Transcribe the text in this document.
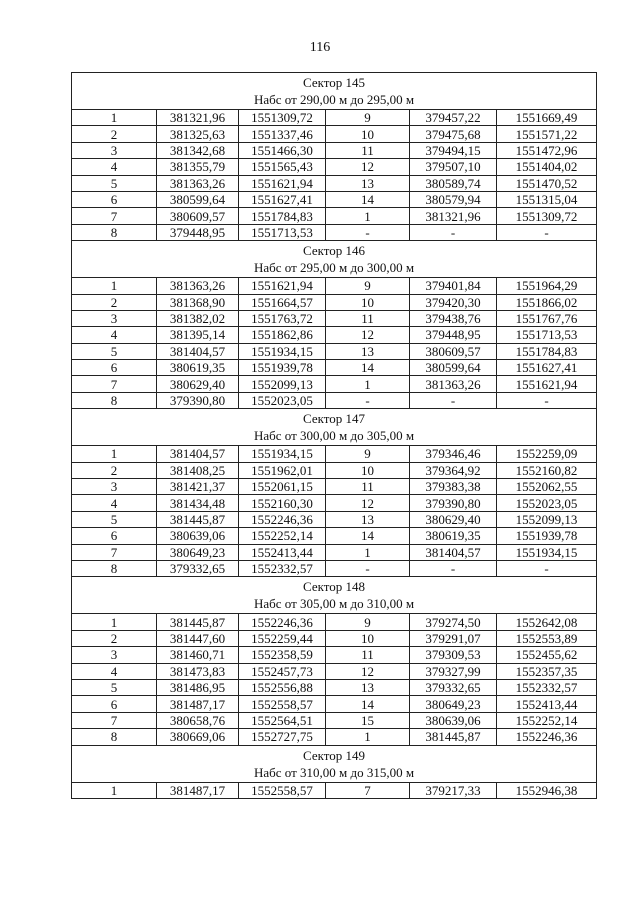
116
Сектор 145
Набс от 290,00 м до 295,00 м					

1	381321,96	1551309,72	9	379457,22	1551669,49
2	381325,63	1551337,46	10	379475,68	1551571,22
3	381342,68	1551466,30	11	379494,15	1551472,96
4	381355,79	1551565,43	12	379507,10	1551404,02
5	381363,26	1551621,94	13	380589,74	1551470,52
6	380599,64	1551627,41	14	380579,94	1551315,04
7	380609,57	1551784,83	1	381321,96	1551309,72
8	379448,95	1551713,53	-	-	-

Сектор 146
Набс от 295,00 м до 300,00 м					

1	381363,26	1551621,94	9	379401,84	1551964,29
2	381368,90	1551664,57	10	379420,30	1551866,02
3	381382,02	1551763,72	11	379438,76	1551767,76
4	381395,14	1551862,86	12	379448,95	1551713,53
5	381404,57	1551934,15	13	380609,57	1551784,83
6	380619,35	1551939,78	14	380599,64	1551627,41
7	380629,40	1552099,13	1	381363,26	1551621,94
8	379390,80	1552023,05	-	-	-

Сектор 147
Набс от 300,00 м до 305,00 м					

1	381404,57	1551934,15	9	379346,46	1552259,09
2	381408,25	1551962,01	10	379364,92	1552160,82
3	381421,37	1552061,15	11	379383,38	1552062,55
4	381434,48	1552160,30	12	379390,80	1552023,05
5	381445,87	1552246,36	13	380629,40	1552099,13
6	380639,06	1552252,14	14	380619,35	1551939,78
7	380649,23	1552413,44	1	381404,57	1551934,15
8	379332,65	1552332,57	-	-	-

Сектор 148
Набс от 305,00 м до 310,00 м					

1	381445,87	1552246,36	9	379274,50	1552642,08
2	381447,60	1552259,44	10	379291,07	1552553,89
3	381460,71	1552358,59	11	379309,53	1552455,62
4	381473,83	1552457,73	12	379327,99	1552357,35
5	381486,95	1552556,88	13	379332,65	1552332,57
6	381487,17	1552558,57	14	380649,23	1552413,44
7	380658,76	1552564,51	15	380639,06	1552252,14
8	380669,06	1552727,75	1	381445,87	1552246,36

Сектор 149
Набс от 310,00 м до 315,00 м					

1	381487,17	1552558,57	7	379217,33	1552946,38
